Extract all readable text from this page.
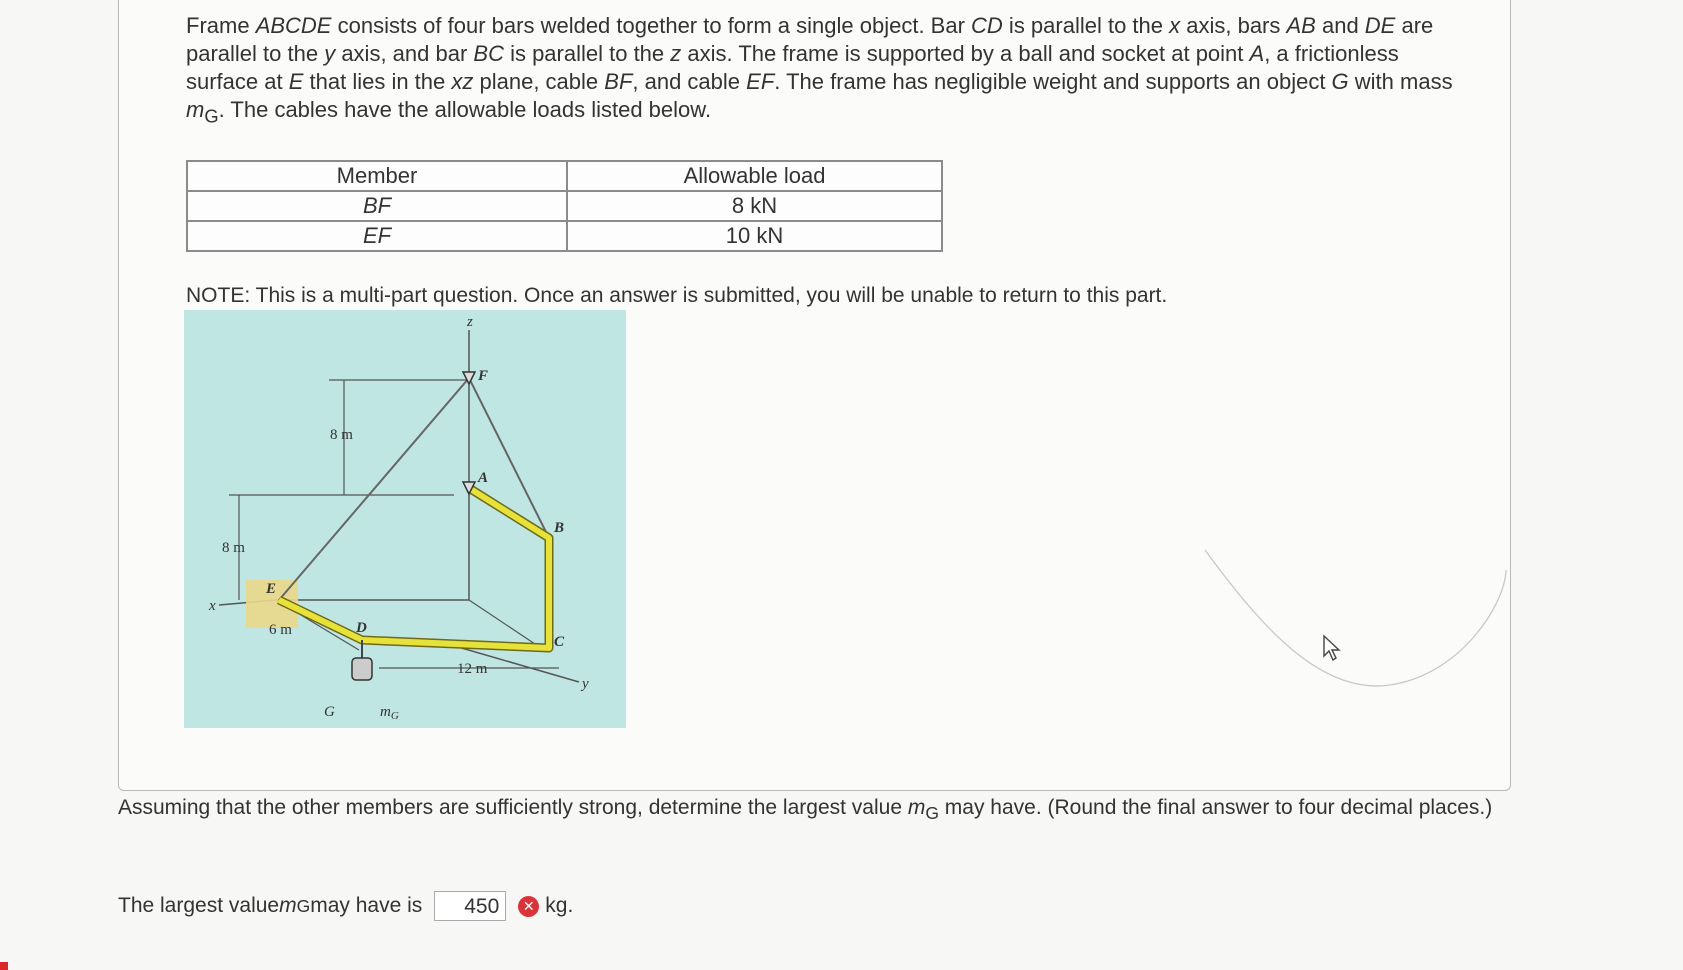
Frame ABCDE consists of four bars welded together to form a single object. Bar CD is parallel to the x axis, bars AB and DE are parallel to the y axis, and bar BC is parallel to the z axis. The frame is supported by a ball and socket at point A, a frictionless surface at E that lies in the xz plane, cable BF, and cable EF. The frame has negligible weight and supports an object G with mass $m_G$. The cables have the allowable loads listed below.
Member	Allowable load
BF	8 kN
EF	10 kN
NOTE: This is a multi-part question. Once an answer is submitted, you will be unable to return to this part.
z
F
A
B
C
D
E
x
y
G	$m_G$
8 m
8 m
6 m
12 m
Assuming that the other members are sufficiently strong, determine the largest value $m_G$ may have. (Round the final answer to four decimal places.)
The largest value m G may have is	450	✕ kg.
